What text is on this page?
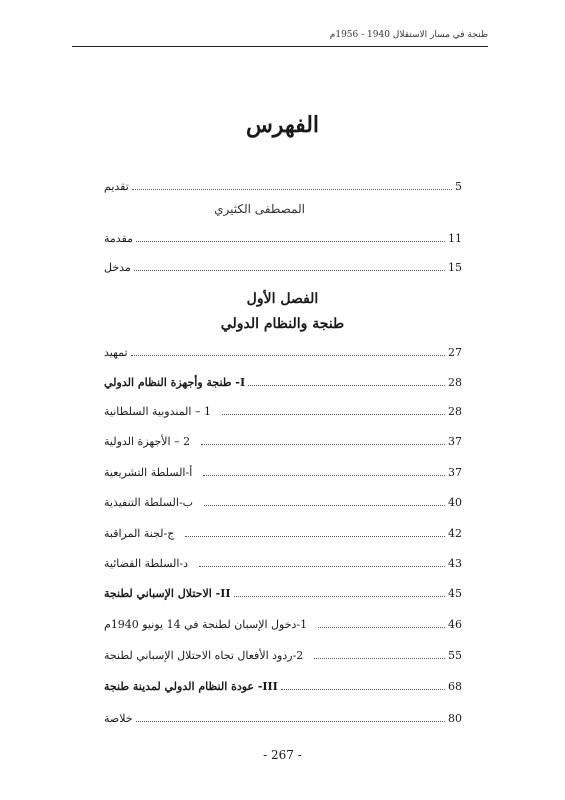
طنجة في مسار الاستقلال 1940 - 1956م
الفهرس
تقديم	5
المصطفى الكثيري
مقدمة	11
مدخل	15
الفصل الأول
طنجة والنظام الدولي
تمهيد	27
I- طنجة وأجهزة النظام الدولي	28
1 – المندوبية السلطانية	28
2 – الأجهزة الدولية	37
أ-السلطة التشريعية	37
ب-السلطة التنفيذية	40
ج-لجنة المراقبة	42
د-السلطة القضائية	43
II- الاحتلال الإسباني لطنجة	45
1-دخول الإسبان لطنجة في 14 يونيو 1940م	46
2-ردود الأفعال تجاه الاحتلال الإسباني لطنجة	55
III- عودة النظام الدولي لمدينة طنجة	68
خلاصة	80
- 267 -
